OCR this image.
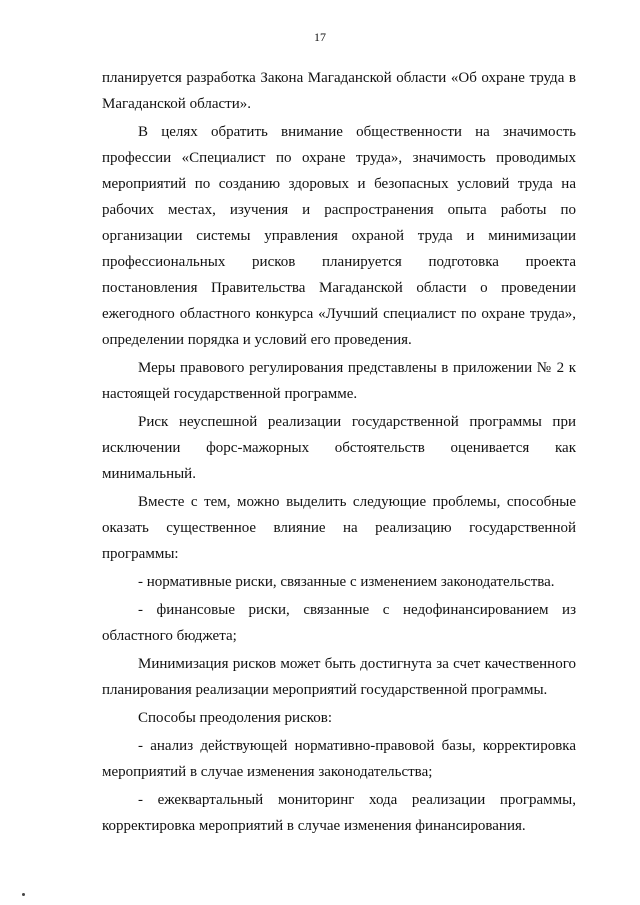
17

планируется разработка Закона Магаданской области «Об охране труда в Магаданской области».

В целях обратить внимание общественности на значимость профессии «Специалист по охране труда», значимость проводимых мероприятий по созданию здоровых и безопасных условий труда на рабочих местах, изучения и распространения опыта работы по организации системы управления охраной труда и минимизации профессиональных рисков планируется подготовка проекта постановления Правительства Магаданской области о проведении ежегодного областного конкурса «Лучший специалист по охране труда», определении порядка и условий его проведения.

Меры правового регулирования представлены в приложении № 2 к настоящей государственной программе.

Риск неуспешной реализации государственной программы при исключении форс-мажорных обстоятельств оценивается как минимальный.

Вместе с тем, можно выделить следующие проблемы, способные оказать существенное влияние на реализацию государственной программы:

- нормативные риски, связанные с изменением законодательства.

- финансовые риски, связанные с недофинансированием из областного бюджета;

Минимизация рисков может быть достигнута за счет качественного планирования реализации мероприятий государственной программы.

Способы преодоления рисков:

- анализ действующей нормативно-правовой базы, корректировка мероприятий в случае изменения законодательства;

- ежеквартальный мониторинг хода реализации программы, корректировка мероприятий в случае изменения финансирования.
